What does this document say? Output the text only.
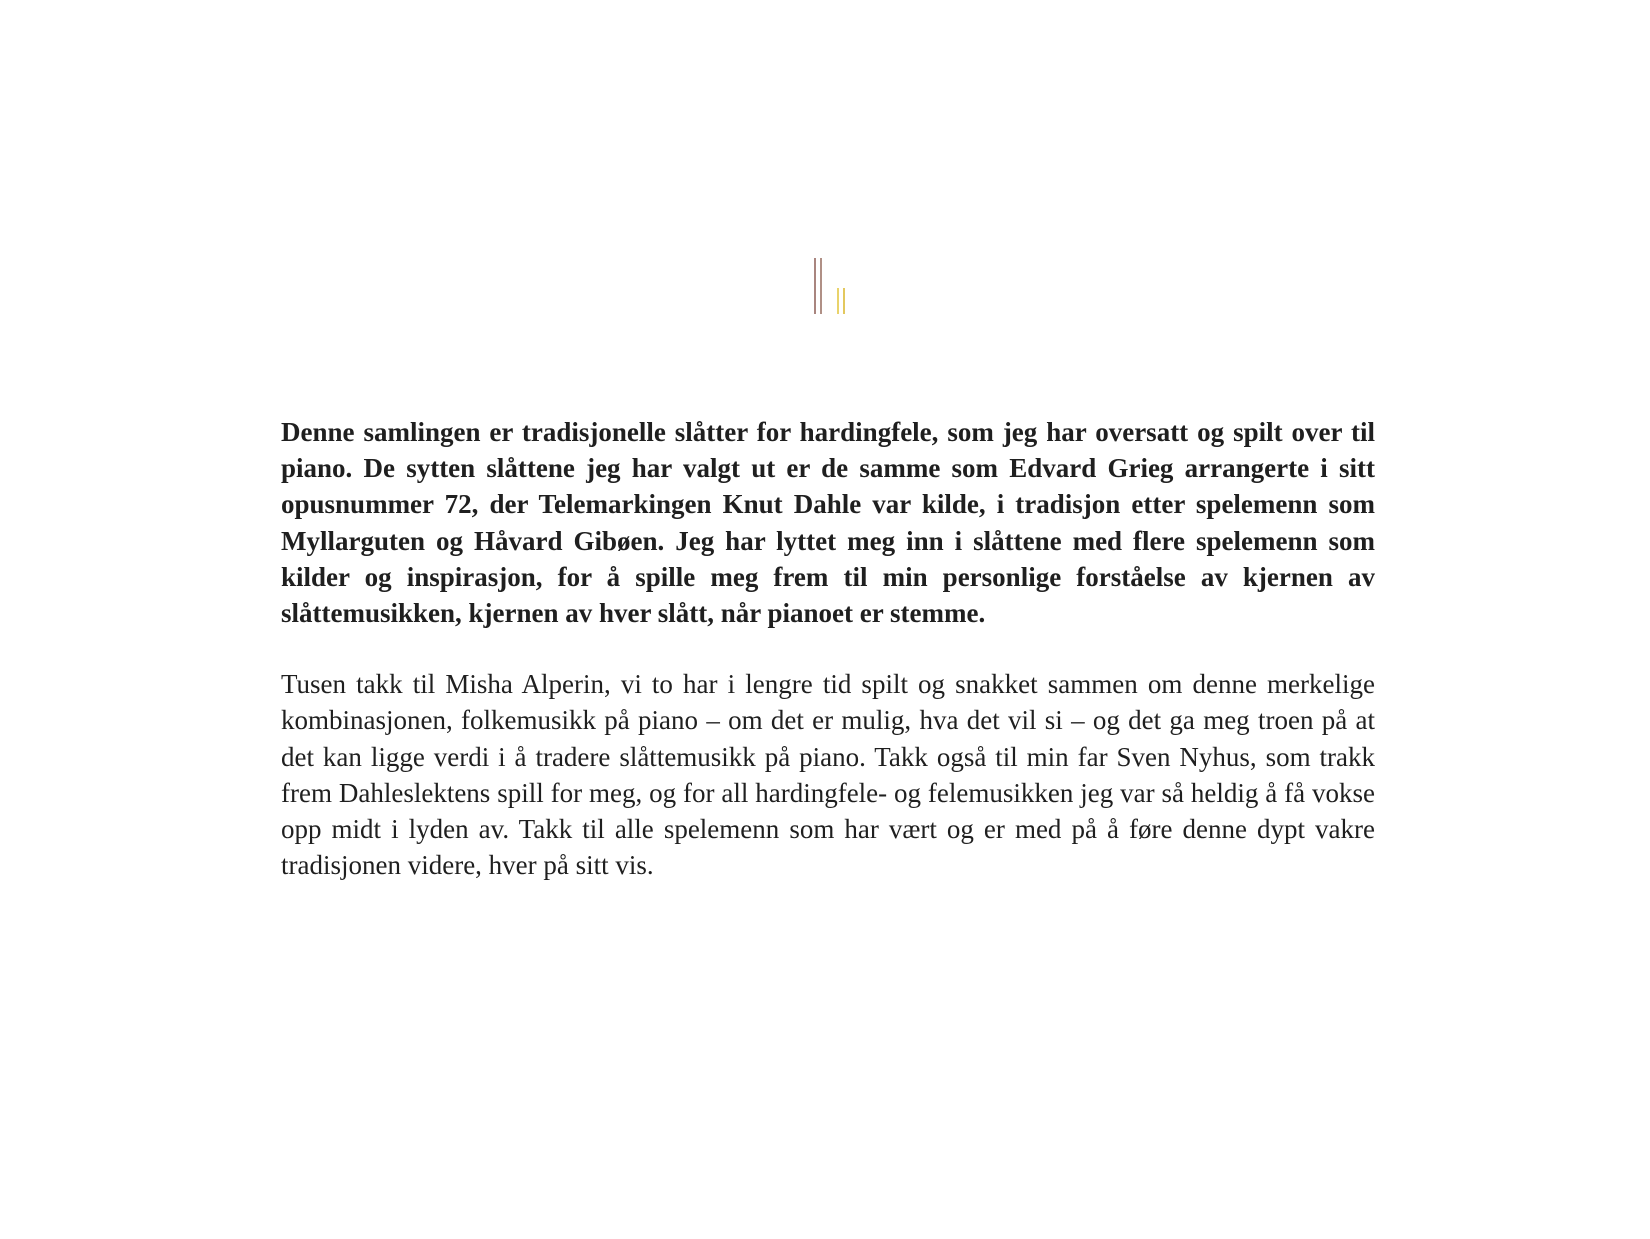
Denne samlingen er tradisjonelle slåtter for hardingfele, som jeg har oversatt og spilt over til piano. De sytten slåttene jeg har valgt ut er de samme som Edvard Grieg arrangerte i sitt opusnummer 72, der Telemarkingen Knut Dahle var kilde, i tradisjon etter spelemenn som Myllarguten og Håvard Gibøen. Jeg har lyttet meg inn i slåttene med flere spelemenn som kilder og inspirasjon, for å spille meg frem til min personlige forståelse av kjernen av slåttemusikken, kjernen av hver slått, når pianoet er stemme.

Tusen takk til Misha Alperin, vi to har i lengre tid spilt og snakket sammen om denne merkelige kombinasjonen, folkemusikk på piano – om det er mulig, hva det vil si – og det ga meg troen på at det kan ligge verdi i å tradere slåttemusikk på piano. Takk også til min far Sven Nyhus, som trakk frem Dahleslektens spill for meg, og for all hardingfele- og felemusikken jeg var så heldig å få vokse opp midt i lyden av. Takk til alle spelemenn som har vært og er med på å føre denne dypt vakre tradisjonen videre, hver på sitt vis.
